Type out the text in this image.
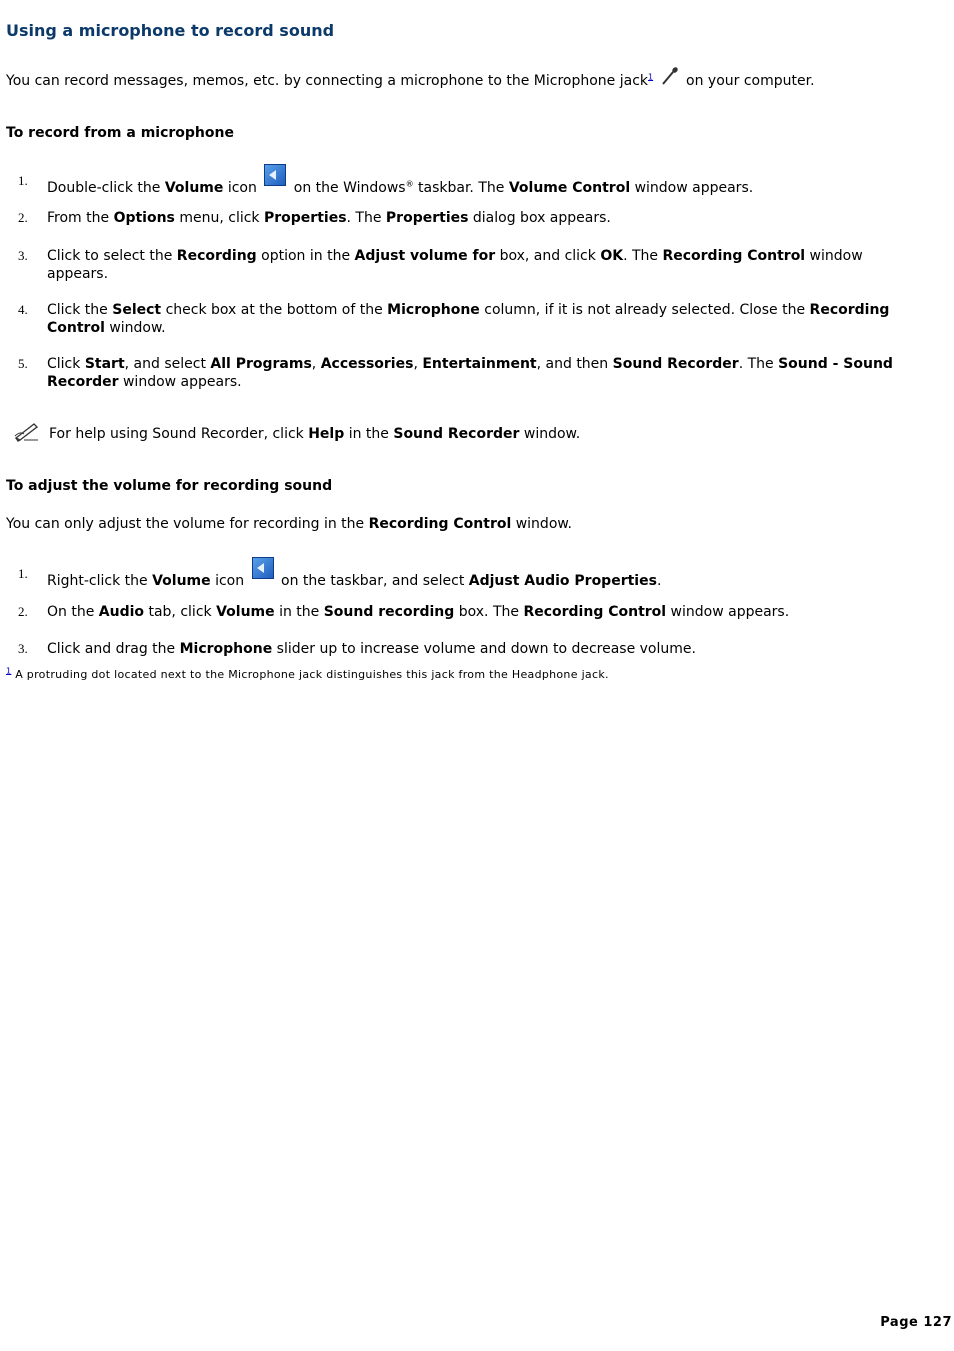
Using a microphone to record sound
You can record messages, memos, etc. by connecting a microphone to the Microphone jack$^1$  on your computer.
To record from a microphone
1. Double-click the Volume icon  on the Windows® taskbar. The Volume Control window appears.
2. From the Options menu, click Properties. The Properties dialog box appears.
3. Click to select the Recording option in the Adjust volume for box, and click OK. The Recording Control window appears.
4. Click the Select check box at the bottom of the Microphone column, if it is not already selected. Close the Recording Control window.
5. Click Start, and select All Programs, Accessories, Entertainment, and then Sound Recorder. The Sound - Sound Recorder window appears.
For help using Sound Recorder, click Help in the Sound Recorder window.
To adjust the volume for recording sound
You can only adjust the volume for recording in the Recording Control window.
1. Right-click the Volume icon  on the taskbar, and select Adjust Audio Properties.
2. On the Audio tab, click Volume in the Sound recording box. The Recording Control window appears.
3. Click and drag the Microphone slider up to increase volume and down to decrease volume.
$^1$ A protruding dot located next to the Microphone jack distinguishes this jack from the Headphone jack.
Page 127
